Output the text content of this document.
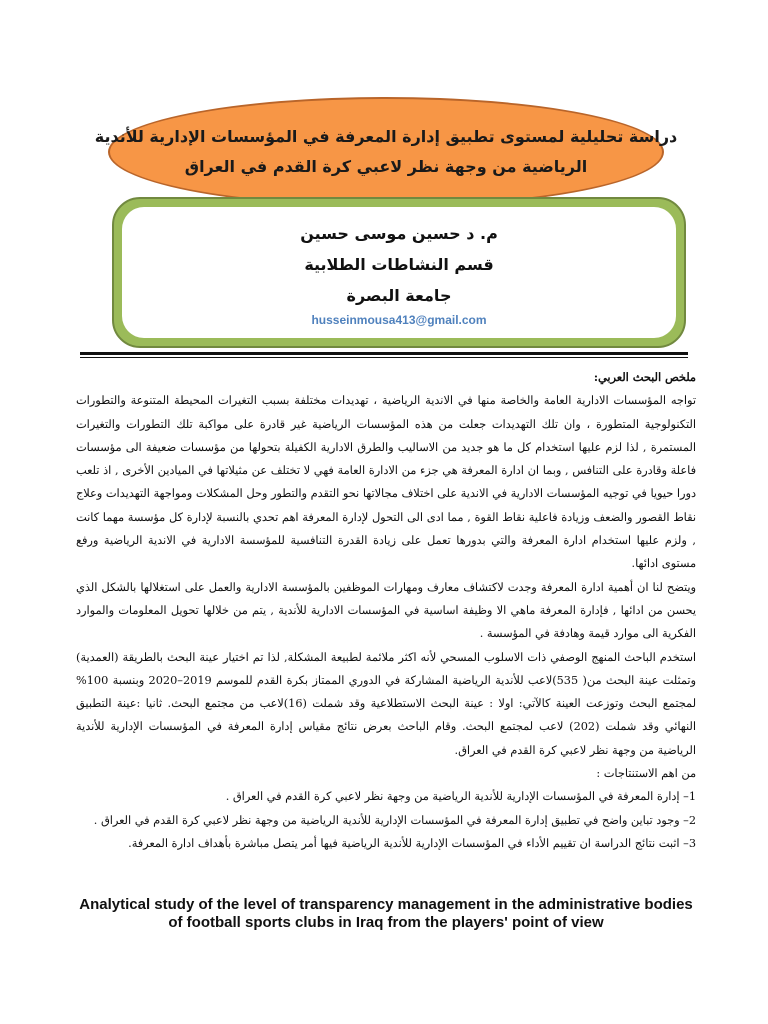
دراسة تحليلية لمستوى تطبيق إدارة المعرفة في المؤسسات الإدارية للأندية
الرياضية من وجهة نظر لاعبي كرة القدم في العراق
م. د حسين موسى حسين
قسم النشاطات الطلابية
جامعة البصرة
husseinmousa413@gmail.com

ملخص البحث العربي:

تواجه المؤسسات الادارية العامة والخاصة منها في الاندية الرياضية ، تهديدات مختلفة بسبب التغيرات المحيطة المتنوعة والتطورات التكنولوجية المتطورة ، وان تلك التهديدات جعلت من هذه المؤسسات الرياضية غير قادرة على مواكبة تلك التطورات والتغيرات المستمرة , لذا لزم عليها استخدام كل ما هو جديد من الاساليب والطرق الادارية الكفيلة بتحولها من مؤسسات ضعيفة الى مؤسسات فاعلة وقادرة على التنافس , وبما ان ادارة المعرفة هي جزء من الادارة العامة فهي لا تختلف عن مثيلاتها في الميادين الأخرى , اذ تلعب دورا حيويا في توجيه المؤسسات الادارية في الاندية على اختلاف مجالاتها نحو التقدم والتطور وحل المشكلات ومواجهة التهديدات وعلاج نقاط القصور والضعف وزيادة فاعلية نقاط القوة , مما ادى الى التحول لإدارة المعرفة اهم تحدي بالنسبة لإدارة كل مؤسسة مهما كانت , ولزم عليها استخدام ادارة المعرفة والتي بدورها تعمل على زيادة القدرة التنافسية للمؤسسة الادارية في الاندية الرياضية ورفع مستوى ادائها.

ويتضح لنا ان أهمية ادارة المعرفة وجدت لاكتشاف معارف ومهارات الموظفين بالمؤسسة الادارية والعمل على استغلالها بالشكل الذي يحسن من ادائها , فإدارة المعرفة ماهي الا وظيفة اساسية في المؤسسات الادارية للأندية , يتم من خلالها تحويل المعلومات والموارد الفكرية الى موارد قيمة وهادفة في المؤسسة .

استخدم الباحث المنهج الوصفي ذات الاسلوب المسحي لأنه اكثر ملائمة لطبيعة المشكلة, لذا تم اختيار عينة البحث بالطريقة (العمدية) وتمثلت عينة البحث من( 535)لاعب للأندية الرياضية المشاركة في الدوري الممتاز بكرة القدم للموسم 2019–2020 وبنسبة 100% لمجتمع البحث وتوزعت العينة كالآتي: اولا : عينة البحث الاستطلاعية وقد شملت (16)لاعب من مجتمع البحث. ثانيا :عينة التطبيق النهائي وقد شملت (202) لاعب لمجتمع البحث. وقام الباحث بعرض نتائج مقياس إدارة المعرفة في المؤسسات الإدارية للأندية الرياضية من وجهة نظر لاعبي كرة القدم في العراق.

من اهم الاستنتاجات :

1– إدارة المعرفة في المؤسسات الإدارية للأندية الرياضية من وجهة نظر لاعبي كرة القدم في العراق .

2– وجود تباين واضح في تطبيق إدارة المعرفة في المؤسسات الإدارية للأندية الرياضية من وجهة نظر لاعبي كرة القدم في العراق .

3– اثبت نتائج الدراسة ان تقييم الأداء في المؤسسات الإدارية للأندية الرياضية فيها أمر يتصل مباشرة بأهداف ادارة المعرفة.

Analytical study of the level of transparency management in the administrative bodies of football sports clubs in Iraq from the players' point of view
